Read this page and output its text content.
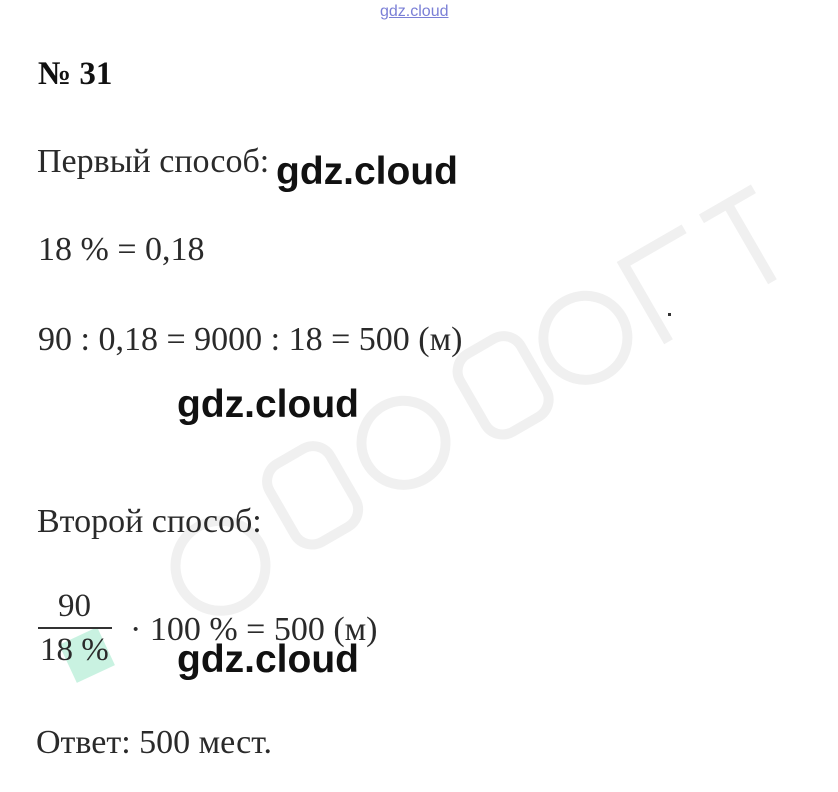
gdz.cloud
№ 31
Первый способ: gdz.cloud
18 % = 0,18
90 : 0,18 = 9000 : 18 = 500 (м)
gdz.cloud
Второй способ:
90
18 %
· 100 % = 500 (м)
gdz.cloud
Ответ: 500 мест.
